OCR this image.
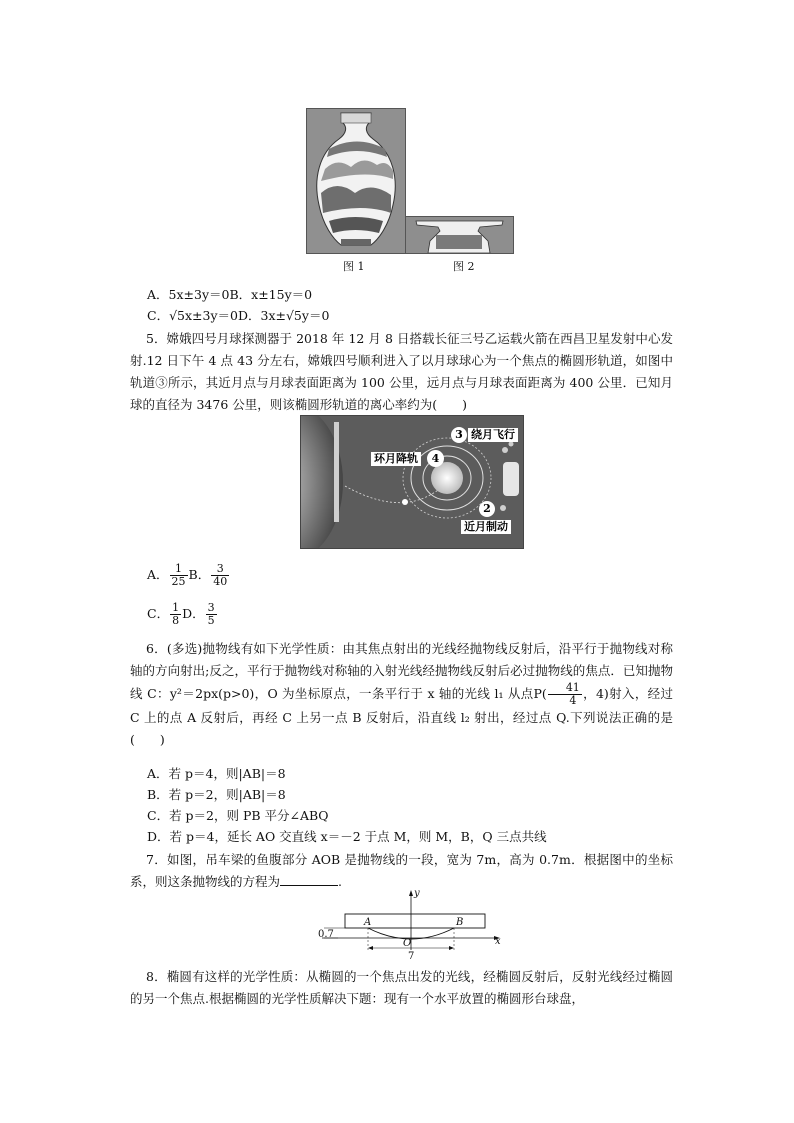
图 1	图 2
A．5x±3y＝0B．x±15y＝0
C．√5x±3y＝0D．3x±√5y＝0
5．嫦娥四号月球探测器于 2018 年 12 月 8 日搭载长征三号乙运载火箭在西昌卫星发射中心发射.12 日下午 4 点 43 分左右，嫦娥四号顺利进入了以月球球心为一个焦点的椭圆形轨道，如图中轨道③所示，其近月点与月球表面距离为 100 公里，远月点与月球表面距离为 400 公里．已知月球的直径为 3476 公里，则该椭圆形轨道的离心率约为(　　)
3 绕月飞行
环月降轨	4
2
近月制动
A． $\frac{1}{25}$ B． $\frac{3}{40}$
C． $\frac{1}{8}$ D． $\frac{3}{5}$
6．(多选)抛物线有如下光学性质：由其焦点射出的光线经抛物线反射后，沿平行于抛物线对称轴的方向射出;反之，平行于抛物线对称轴的入射光线经抛物线反射后必过抛物线的焦点．已知抛物线 C：y²＝2px(p>0)，O 为坐标原点，一条平行于 x 轴的光线 l₁ 从点$P( \frac{41}{4}$ ，4)射入，经过 C 上的点 A 反射后，再经 C 上另一点 B 反射后，沿直线 l₂ 射出，经过点 Q.下列说法正确的是(　　)
A．若 p＝4，则|AB|＝8
B．若 p＝2，则|AB|＝8
C．若 p＝2，则 PB 平分∠ABQ
D．若 p＝4，延长 AO 交直线 x＝－2 于点 M，则 M，B，Q 三点共线
7．如图，吊车梁的鱼腹部分 AOB 是抛物线的一段，宽为 7m，高为 0.7m．根据图中的坐标系，则这条抛物线的方程为	.
y
x
A	B
O
0.7
7
8．椭圆有这样的光学性质：从椭圆的一个焦点出发的光线，经椭圆反射后，反射光线经过椭圆的另一个焦点.根据椭圆的光学性质解决下题：现有一个水平放置的椭圆形台球盘，
